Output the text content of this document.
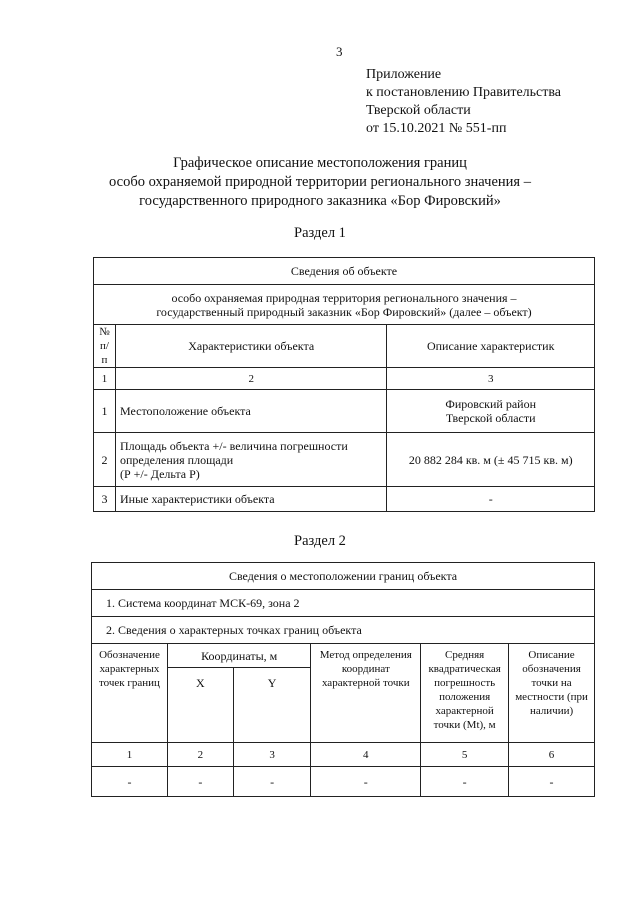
3
Приложение
к постановлению Правительства
Тверской области
от 15.10.2021 № 551-пп
Графическое описание местоположения границ
особо охраняемой природной территории регионального значения –
государственного природного заказника «Бор Фировский»
Раздел 1
Сведения об объекте		

особо охраняемая природная территория регионального значения –
государственный природный заказник «Бор Фировский» (далее – объект)		

№ п/п	Характеристики объекта	Описание характеристик
1	2	3
1	Местоположение объекта	Фировский район
Тверской области

2	Площадь объекта +/- величина погрешности
определения площади
(Р +/- Дельта Р)	20 882 284 кв. м (± 45 715 кв. м)
3	Иные характеристики объекта	-
Раздел 2
Сведения о местоположении границ объекта					
1. Система координат МСК-69, зона 2					
2. Сведения о характерных точках границ объекта					
Обозначение характерных точек границ	Координаты, м		Метод определения координат характерной точки	Средняя квадратическая погрешность положения характерной точки (Mt), м	Описание обозначения точки на местности (при наличии)
	X	Y			
1	2	3	4	5	6
-	-	-	-	-	-
